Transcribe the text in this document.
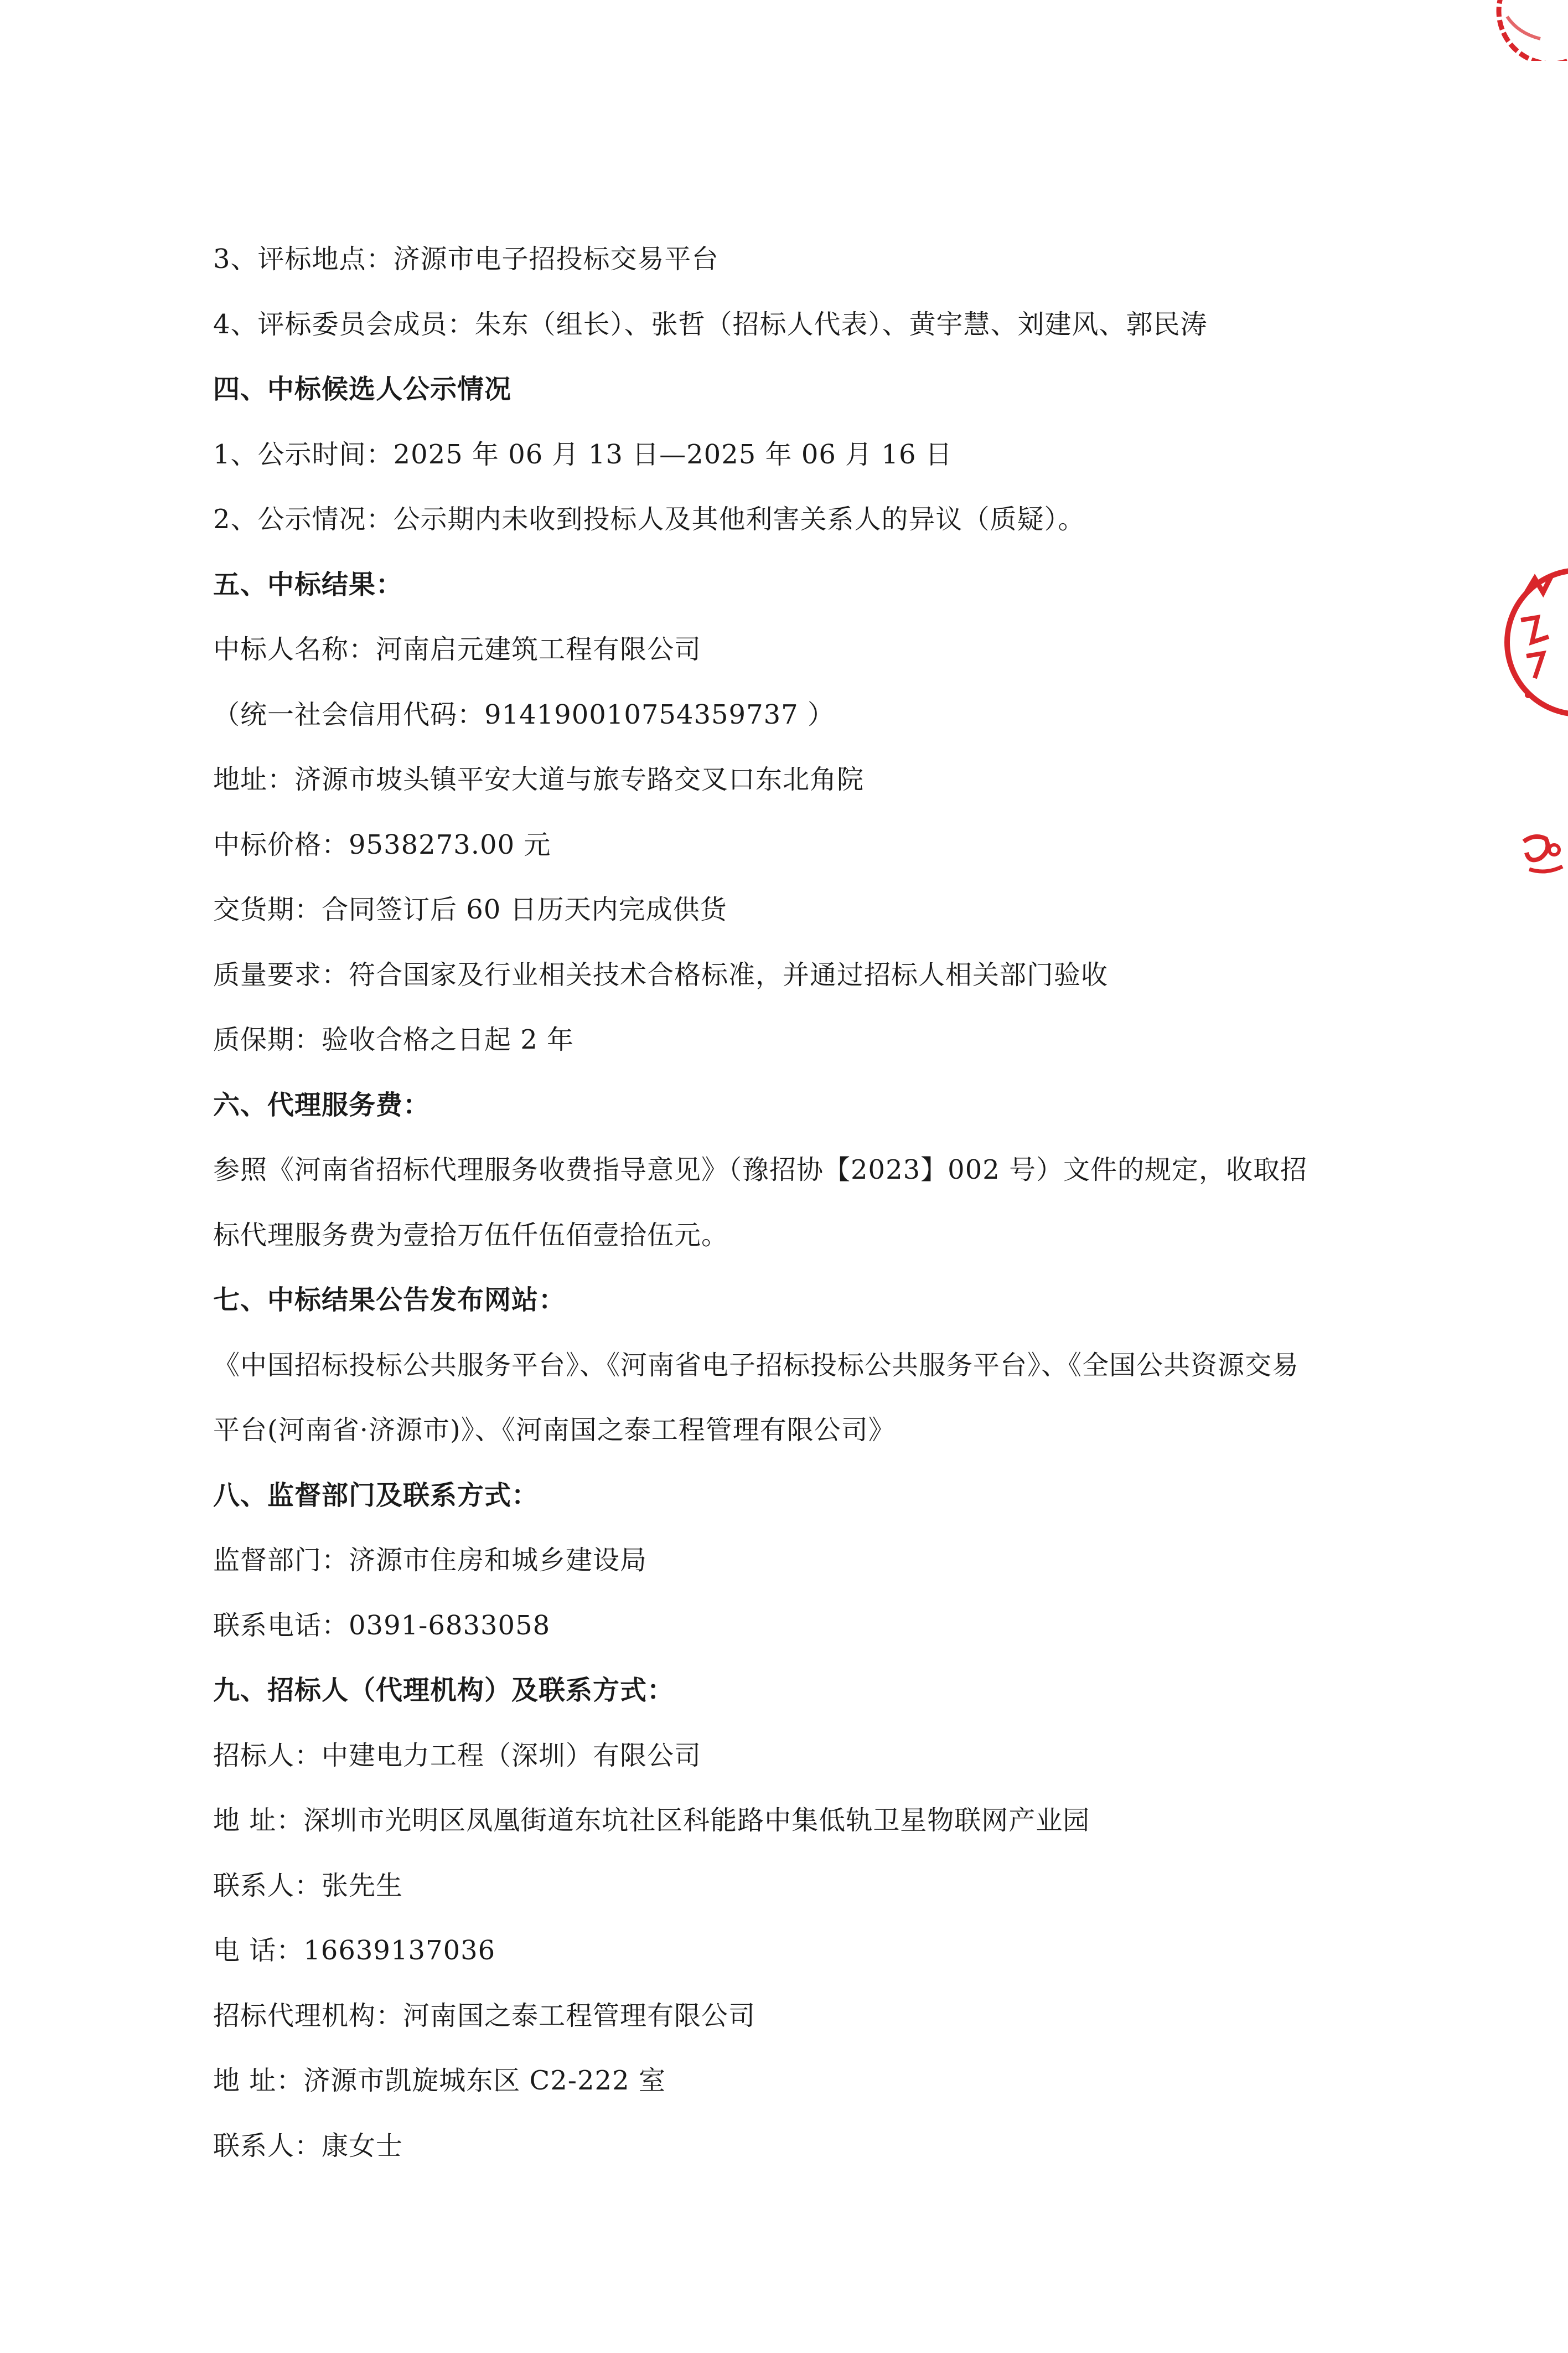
3、评标地点：济源市电子招投标交易平台
4、评标委员会成员：朱东（组长）、张哲（招标人代表）、黄宇慧、刘建风、郭民涛
四、中标候选人公示情况
1、公示时间：2025 年 06 月 13 日—2025 年 06 月 16 日
2、公示情况：公示期内未收到投标人及其他利害关系人的异议（质疑）。
五、中标结果：
中标人名称：河南启元建筑工程有限公司
（统一社会信用代码：914190010754359737 ）
地址：济源市坡头镇平安大道与旅专路交叉口东北角院
中标价格：9538273.00 元
交货期：合同签订后 60 日历天内完成供货
质量要求：符合国家及行业相关技术合格标准，并通过招标人相关部门验收
质保期：验收合格之日起 2 年
六、代理服务费：
参照《河南省招标代理服务收费指导意见》（豫招协【2023】002 号）文件的规定，收取招
标代理服务费为壹拾万伍仟伍佰壹拾伍元。
七、中标结果公告发布网站：
《中国招标投标公共服务平台》、《河南省电子招标投标公共服务平台》、《全国公共资源交易
平台(河南省·济源市)》、《河南国之泰工程管理有限公司》
八、监督部门及联系方式：
监督部门：济源市住房和城乡建设局
联系电话：0391-6833058
九、招标人（代理机构）及联系方式：
招标人：中建电力工程（深圳）有限公司
地 址：深圳市光明区凤凰街道东坑社区科能路中集低轨卫星物联网产业园
联系人：张先生
电 话：16639137036
招标代理机构：河南国之泰工程管理有限公司
地 址：济源市凯旋城东区 C2-222 室
联系人：康女士
